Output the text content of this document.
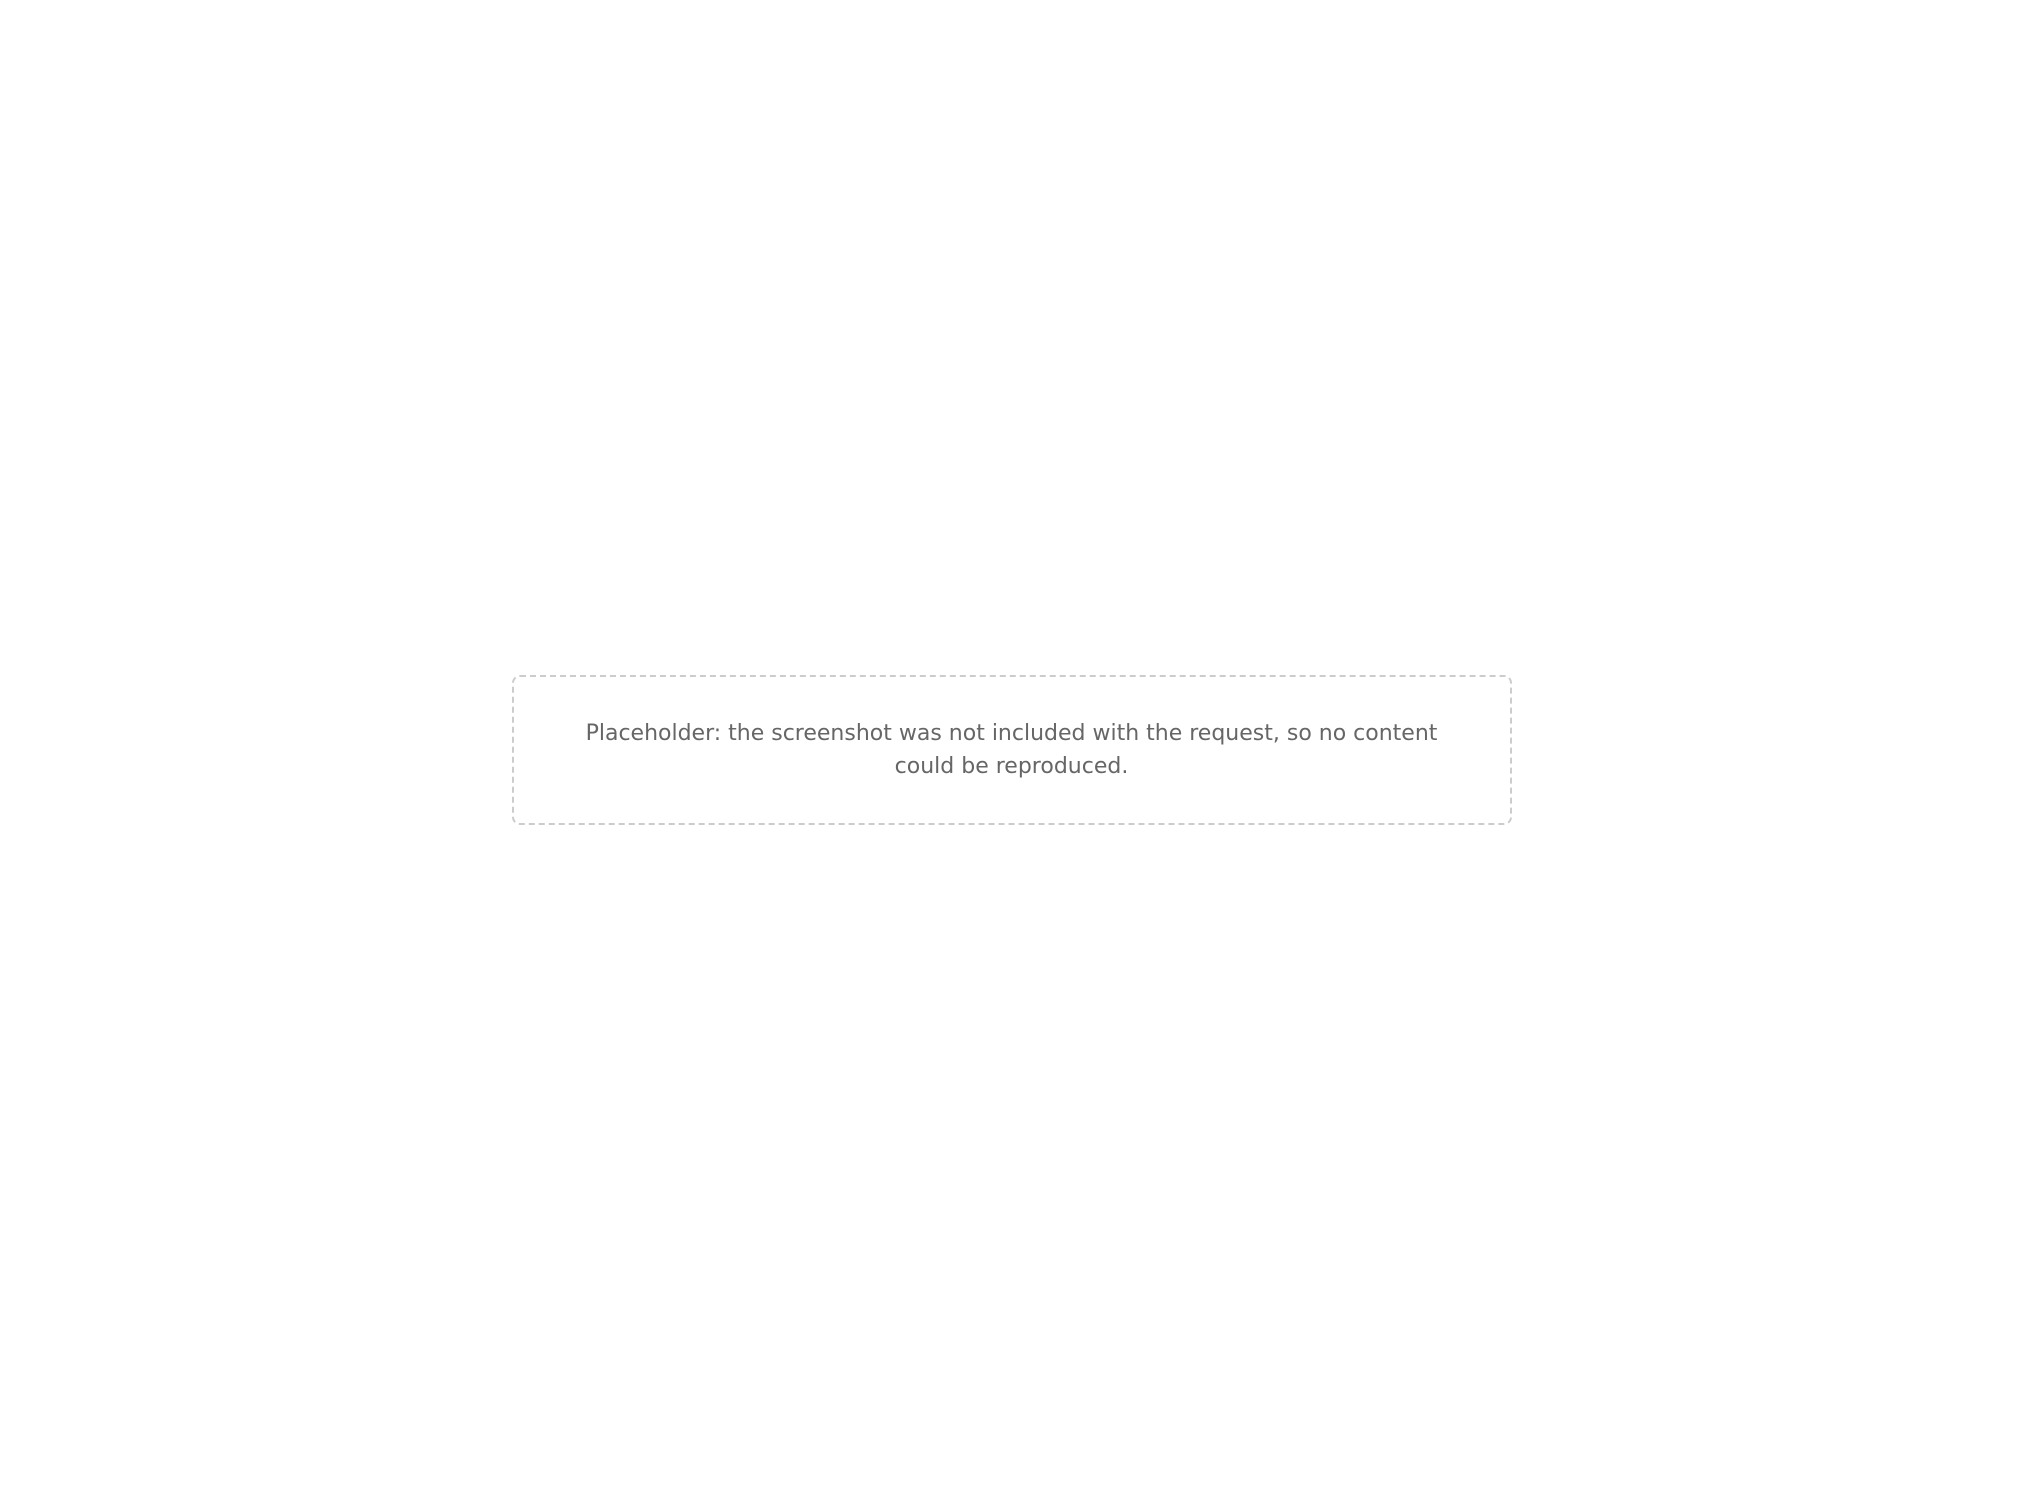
Placeholder: the screenshot was not included with the request, so no content could be reproduced.
